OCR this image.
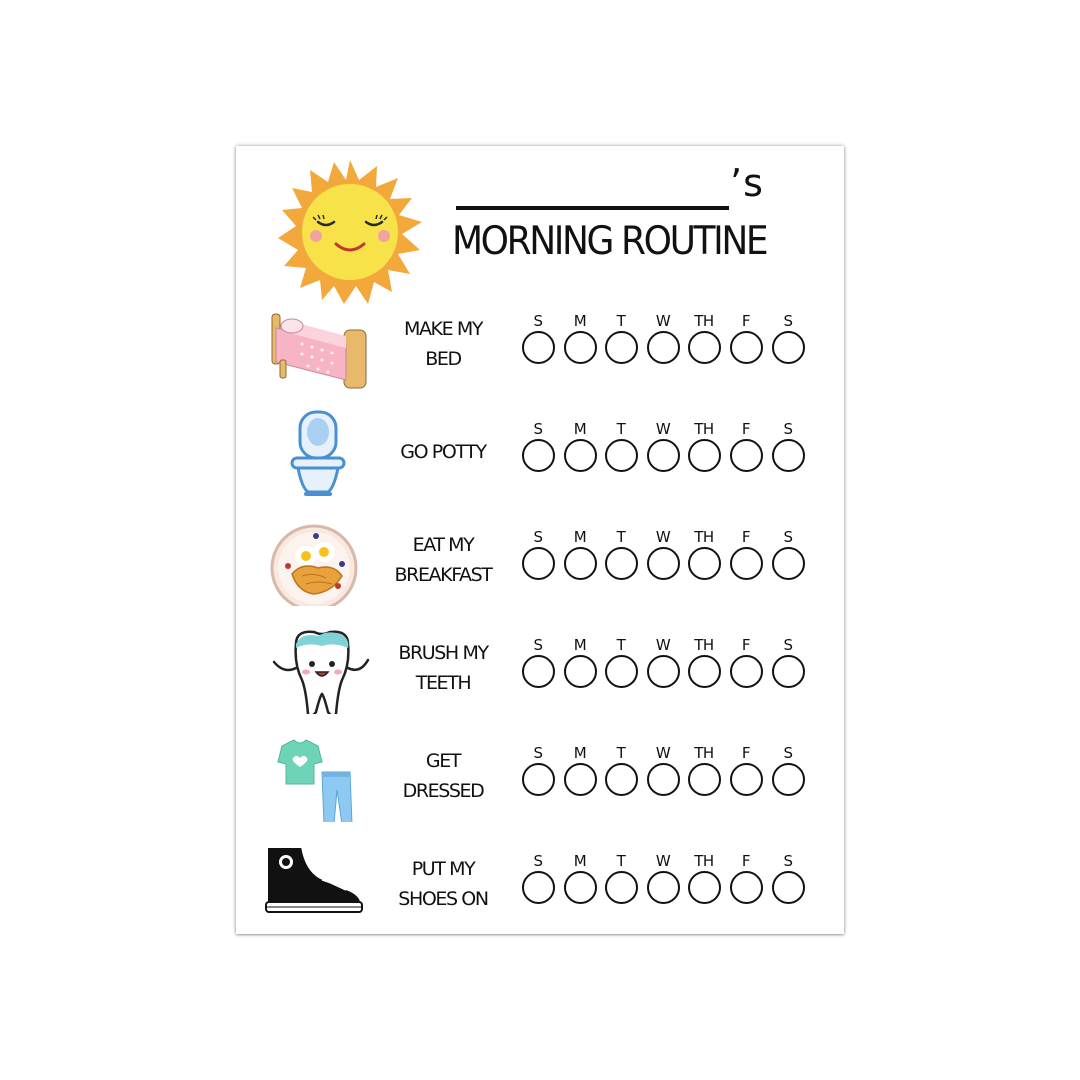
’s
MORNING ROUTINE
MAKE MY
BED
S	M	T	W	TH	F	S
GO POTTY
S	M	T	W	TH	F	S
EAT MY
BREAKFAST
S	M	T	W	TH	F	S
BRUSH MY
TEETH
S	M	T	W	TH	F	S
GET
DRESSED
S	M	T	W	TH	F	S
PUT MY
SHOES ON
S	M	T	W	TH	F	S
